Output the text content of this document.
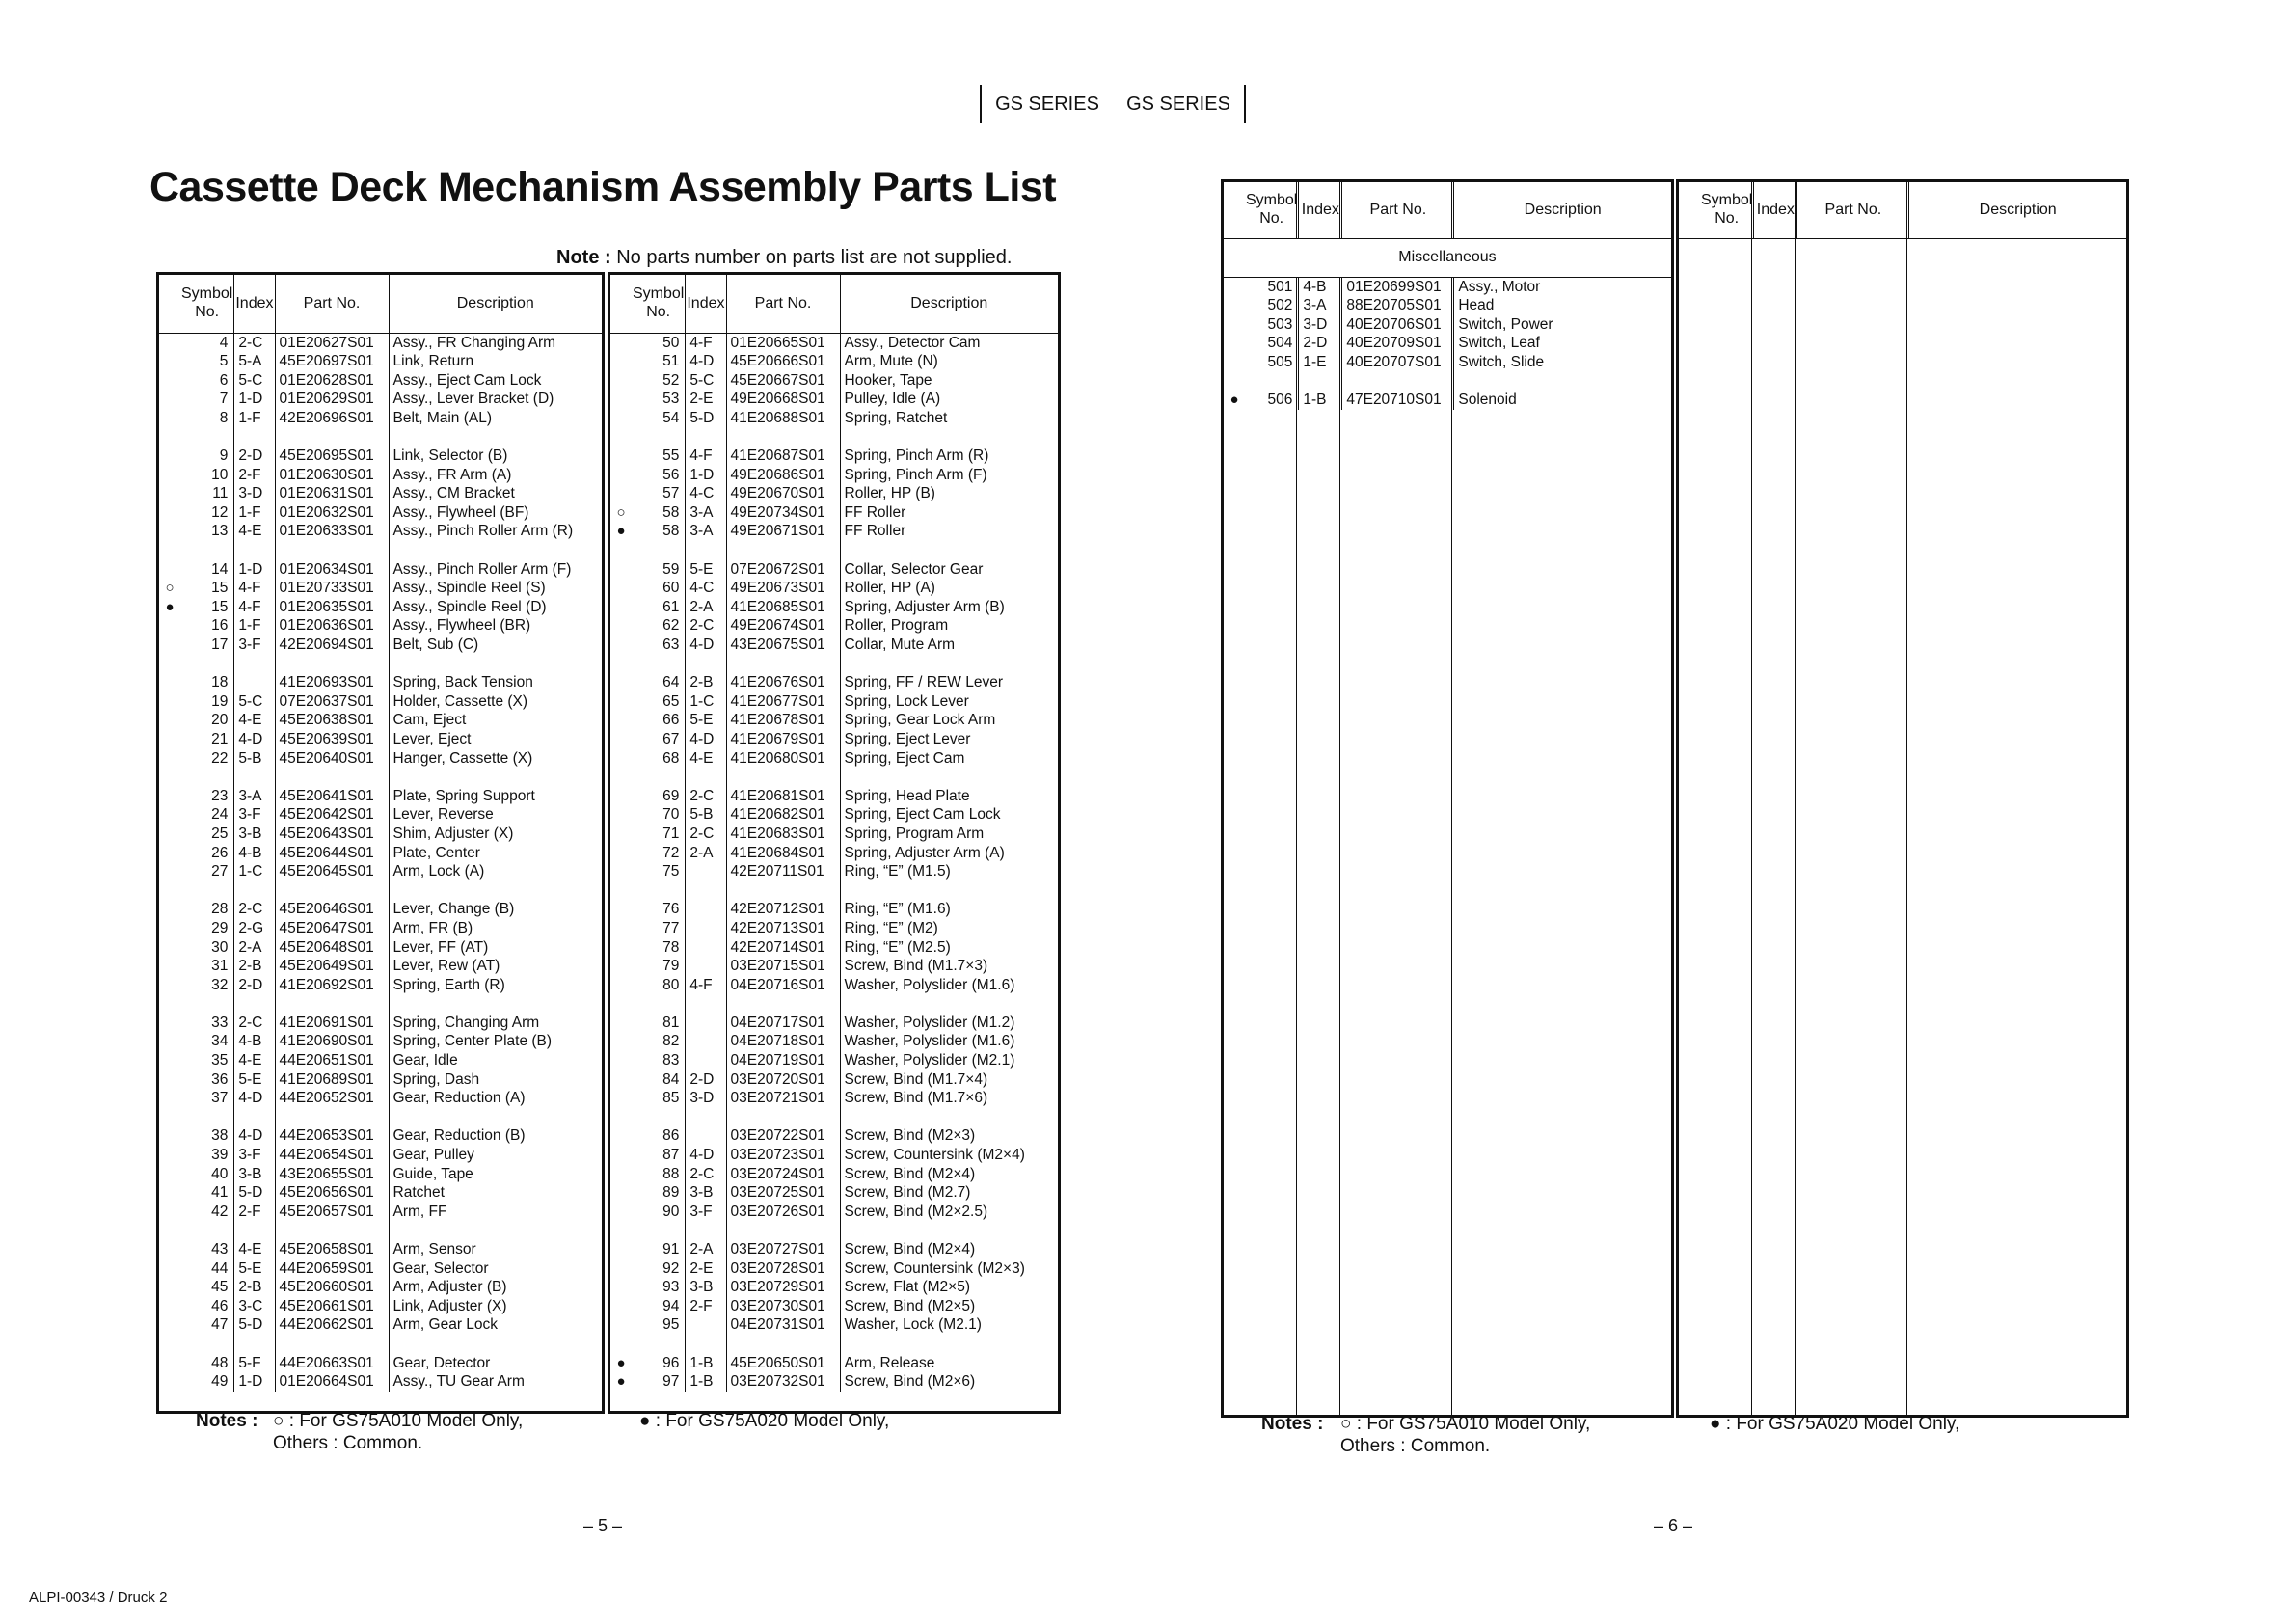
GS SERIES GS SERIES
Cassette Deck Mechanism Assembly Parts List
Note : No parts number on parts list are not supplied.
	Symbol No.	Index	Part No.	Description
	4	2-C	01E20627S01	Assy., FR Changing Arm
	5	5-A	45E20697S01	Link, Return
	6	5-C	01E20628S01	Assy., Eject Cam Lock
	7	1-D	01E20629S01	Assy., Lever Bracket (D)
	8	1-F	42E20696S01	Belt, Main (AL)

	9	2-D	45E20695S01	Link, Selector (B)
	10	2-F	01E20630S01	Assy., FR Arm (A)
	11	3-D	01E20631S01	Assy., CM Bracket
	12	1-F	01E20632S01	Assy., Flywheel (BF)
	13	4-E	01E20633S01	Assy., Pinch Roller Arm (R)

	14	1-D	01E20634S01	Assy., Pinch Roller Arm (F)
○	15	4-F	01E20733S01	Assy., Spindle Reel (S)
●	15	4-F	01E20635S01	Assy., Spindle Reel (D)
	16	1-F	01E20636S01	Assy., Flywheel (BR)
	17	3-F	42E20694S01	Belt, Sub (C)

	18		41E20693S01	Spring, Back Tension
	19	5-C	07E20637S01	Holder, Cassette (X)
	20	4-E	45E20638S01	Cam, Eject
	21	4-D	45E20639S01	Lever, Eject
	22	5-B	45E20640S01	Hanger, Cassette (X)

	23	3-A	45E20641S01	Plate, Spring Support
	24	3-F	45E20642S01	Lever, Reverse
	25	3-B	45E20643S01	Shim, Adjuster (X)
	26	4-B	45E20644S01	Plate, Center
	27	1-C	45E20645S01	Arm, Lock (A)

	28	2-C	45E20646S01	Lever, Change (B)
	29	2-G	45E20647S01	Arm, FR (B)
	30	2-A	45E20648S01	Lever, FF (AT)
	31	2-B	45E20649S01	Lever, Rew (AT)
	32	2-D	41E20692S01	Spring, Earth (R)

	33	2-C	41E20691S01	Spring, Changing Arm
	34	4-B	41E20690S01	Spring, Center Plate (B)
	35	4-E	44E20651S01	Gear, Idle
	36	5-E	41E20689S01	Spring, Dash
	37	4-D	44E20652S01	Gear, Reduction (A)

	38	4-D	44E20653S01	Gear, Reduction (B)
	39	3-F	44E20654S01	Gear, Pulley
	40	3-B	43E20655S01	Guide, Tape
	41	5-D	45E20656S01	Ratchet
	42	2-F	45E20657S01	Arm, FF

	43	4-E	45E20658S01	Arm, Sensor
	44	5-E	44E20659S01	Gear, Selector
	45	2-B	45E20660S01	Arm, Adjuster (B)
	46	3-C	45E20661S01	Link, Adjuster (X)
	47	5-D	44E20662S01	Arm, Gear Lock

	48	5-F	44E20663S01	Gear, Detector
	49	1-D	01E20664S01	Assy., TU Gear Arm
	Symbol No.	Index	Part No.	Description
	50	4-F	01E20665S01	Assy., Detector Cam
	51	4-D	45E20666S01	Arm, Mute (N)
	52	5-C	45E20667S01	Hooker, Tape
	53	2-E	49E20668S01	Pulley, Idle (A)
	54	5-D	41E20688S01	Spring, Ratchet

	55	4-F	41E20687S01	Spring, Pinch Arm (R)
	56	1-D	49E20686S01	Spring, Pinch Arm (F)
	57	4-C	49E20670S01	Roller, HP (B)
○	58	3-A	49E20734S01	FF Roller
●	58	3-A	49E20671S01	FF Roller

	59	5-E	07E20672S01	Collar, Selector Gear
	60	4-C	49E20673S01	Roller, HP (A)
	61	2-A	41E20685S01	Spring, Adjuster Arm (B)
	62	2-C	49E20674S01	Roller, Program
	63	4-D	43E20675S01	Collar, Mute Arm

	64	2-B	41E20676S01	Spring, FF / REW Lever
	65	1-C	41E20677S01	Spring, Lock Lever
	66	5-E	41E20678S01	Spring, Gear Lock Arm
	67	4-D	41E20679S01	Spring, Eject Lever
	68	4-E	41E20680S01	Spring, Eject Cam

	69	2-C	41E20681S01	Spring, Head Plate
	70	5-B	41E20682S01	Spring, Eject Cam Lock
	71	2-C	41E20683S01	Spring, Program Arm
	72	2-A	41E20684S01	Spring, Adjuster Arm (A)
	75		42E20711S01	Ring, “E” (M1.5)

	76		42E20712S01	Ring, “E” (M1.6)
	77		42E20713S01	Ring, “E” (M2)
	78		42E20714S01	Ring, “E” (M2.5)
	79		03E20715S01	Screw, Bind (M1.7×3)
	80	4-F	04E20716S01	Washer, Polyslider (M1.6)

	81		04E20717S01	Washer, Polyslider (M1.2)
	82		04E20718S01	Washer, Polyslider (M1.6)
	83		04E20719S01	Washer, Polyslider (M2.1)
	84	2-D	03E20720S01	Screw, Bind (M1.7×4)
	85	3-D	03E20721S01	Screw, Bind (M1.7×6)

	86		03E20722S01	Screw, Bind (M2×3)
	87	4-D	03E20723S01	Screw, Countersink (M2×4)
	88	2-C	03E20724S01	Screw, Bind (M2×4)
	89	3-B	03E20725S01	Screw, Bind (M2.7)
	90	3-F	03E20726S01	Screw, Bind (M2×2.5)

	91	2-A	03E20727S01	Screw, Bind (M2×4)
	92	2-E	03E20728S01	Screw, Countersink (M2×3)
	93	3-B	03E20729S01	Screw, Flat (M2×5)
	94	2-F	03E20730S01	Screw, Bind (M2×5)
	95		04E20731S01	Washer, Lock (M2.1)

●	96	1-B	45E20650S01	Arm, Release
●	97	1-B	03E20732S01	Screw, Bind (M2×6)
	Symbol No.	Index	Part No.	Description
Miscellaneous				
	501	4-B	01E20699S01	Assy., Motor
	502	3-A	88E20705S01	Head
	503	3-D	40E20706S01	Switch, Power
	504	2-D	40E20709S01	Switch, Leaf
	505	1-E	40E20707S01	Switch, Slide

●	506	1-B	47E20710S01	Solenoid
	Symbol No.	Index	Part No.	Description
Notes : ○ : For GS75A010 Model Only,
Others : Common.
● : For GS75A020 Model Only,	Notes : ○ : For GS75A010 Model Only,
Others : Common.
● : For GS75A020 Model Only,
– 5 –	– 6 –
ALPI-00343 / Druck 2
